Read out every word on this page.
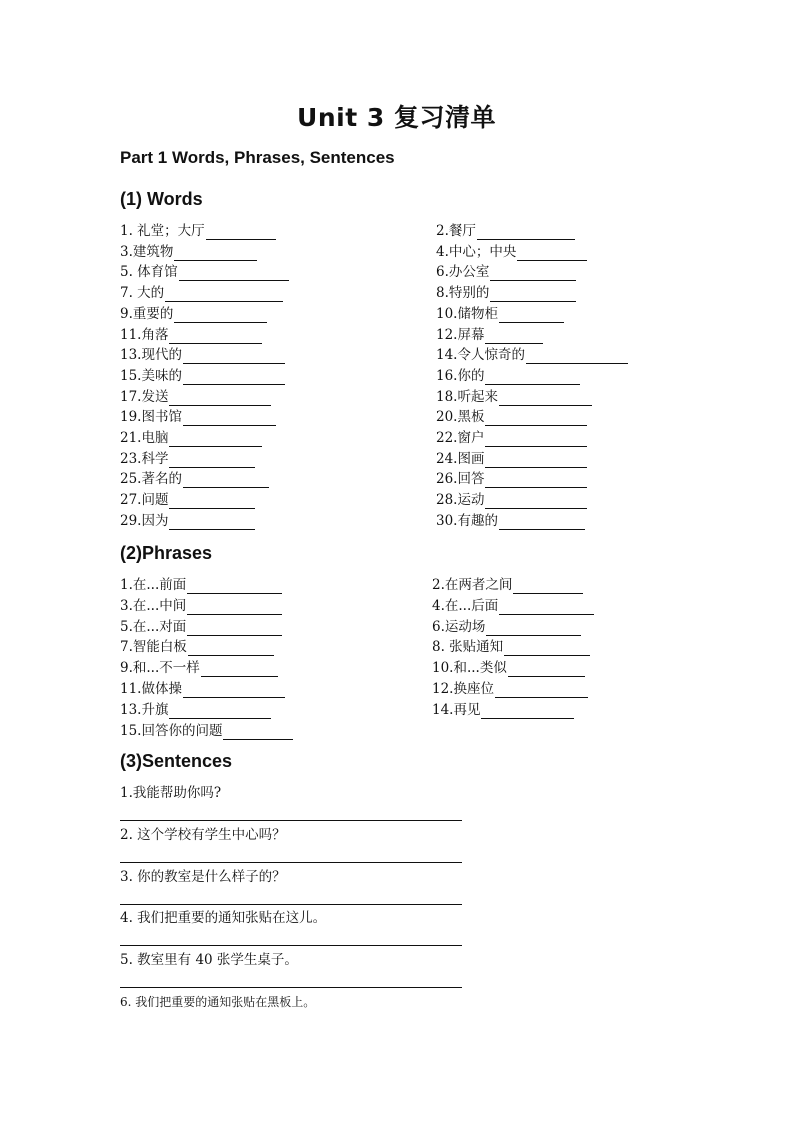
Unit 3 复习清单
Part 1 Words, Phrases, Sentences
(1) Words
1. 礼堂；大厅	2.餐厅
3.建筑物	4.中心；中央
5. 体育馆	6.办公室
7. 大的	8.特别的
9.重要的	10.储物柜
11.角落	12.屏幕
13.现代的	14.令人惊奇的
15.美味的	16.你的
17.发送	18.听起来
19.图书馆	20.黑板
21.电脑	22.窗户
23.科学	24.图画
25.著名的	26.回答
27.问题	28.运动
29.因为	30.有趣的
(2)Phrases
1.在...前面	2.在两者之间
3.在...中间	4.在...后面
5.在...对面	6.运动场
7.智能白板	8. 张贴通知
9.和...不一样	10.和...类似
11.做体操	12.换座位
13.升旗	14.再见
15.回答你的问题
(3)Sentences
1.我能帮助你吗?
2. 这个学校有学生中心吗？
3. 你的教室是什么样子的？
4. 我们把重要的通知张贴在这儿。
5. 教室里有 40 张学生桌子。
6. 我们把重要的通知张贴在黑板上。
